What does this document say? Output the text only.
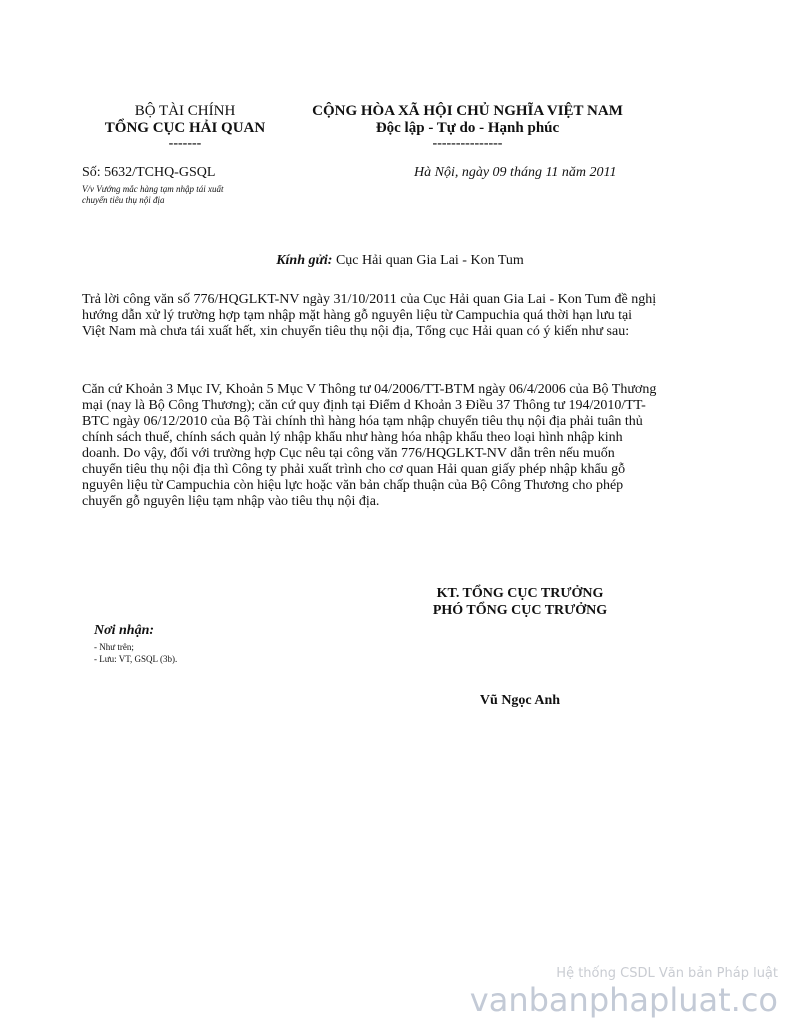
BỘ TÀI CHÍNH
TỔNG CỤC HẢI QUAN
-------
CỘNG HÒA XÃ HỘI CHỦ NGHĨA VIỆT NAM
Độc lập - Tự do - Hạnh phúc
---------------
Số: 5632/TCHQ-GSQL
V/v Vướng mắc hàng tạm nhập tái xuất
chuyển tiêu thụ nội địa
Hà Nội, ngày 09 tháng 11 năm 2011
Kính gửi: Cục Hải quan Gia Lai - Kon Tum
Trả lời công văn số 776/HQGLKT-NV ngày 31/10/2011 của Cục Hải quan Gia Lai - Kon Tum đề nghị hướng dẫn xử lý trường hợp tạm nhập mặt hàng gỗ nguyên liệu từ Campuchia quá thời hạn lưu tại Việt Nam mà chưa tái xuất hết, xin chuyển tiêu thụ nội địa, Tổng cục Hải quan có ý kiến như sau:
Căn cứ Khoản 3 Mục IV, Khoản 5 Mục V Thông tư 04/2006/TT-BTM ngày 06/4/2006 của Bộ Thương mại (nay là Bộ Công Thương); căn cứ quy định tại Điểm d Khoản 3 Điều 37 Thông tư 194/2010/TT-BTC ngày 06/12/2010 của Bộ Tài chính thì hàng hóa tạm nhập chuyển tiêu thụ nội địa phải tuân thủ chính sách thuế, chính sách quản lý nhập khẩu như hàng hóa nhập khẩu theo loại hình nhập kinh doanh. Do vậy, đối với trường hợp Cục nêu tại công văn 776/HQGLKT-NV dẫn trên nếu muốn chuyển tiêu thụ nội địa thì Công ty phải xuất trình cho cơ quan Hải quan giấy phép nhập khẩu gỗ nguyên liệu từ Campuchia còn hiệu lực hoặc văn bản chấp thuận của Bộ Công Thương cho phép chuyển gỗ nguyên liệu tạm nhập vào tiêu thụ nội địa.
KT. TỔNG CỤC TRƯỞNG
PHÓ TỔNG CỤC TRƯỞNG
Vũ Ngọc Anh
Nơi nhận:
- Như trên;
- Lưu: VT, GSQL (3b).
Hệ thống CSDL Văn bản Pháp luật
vanbanphapluat.co
